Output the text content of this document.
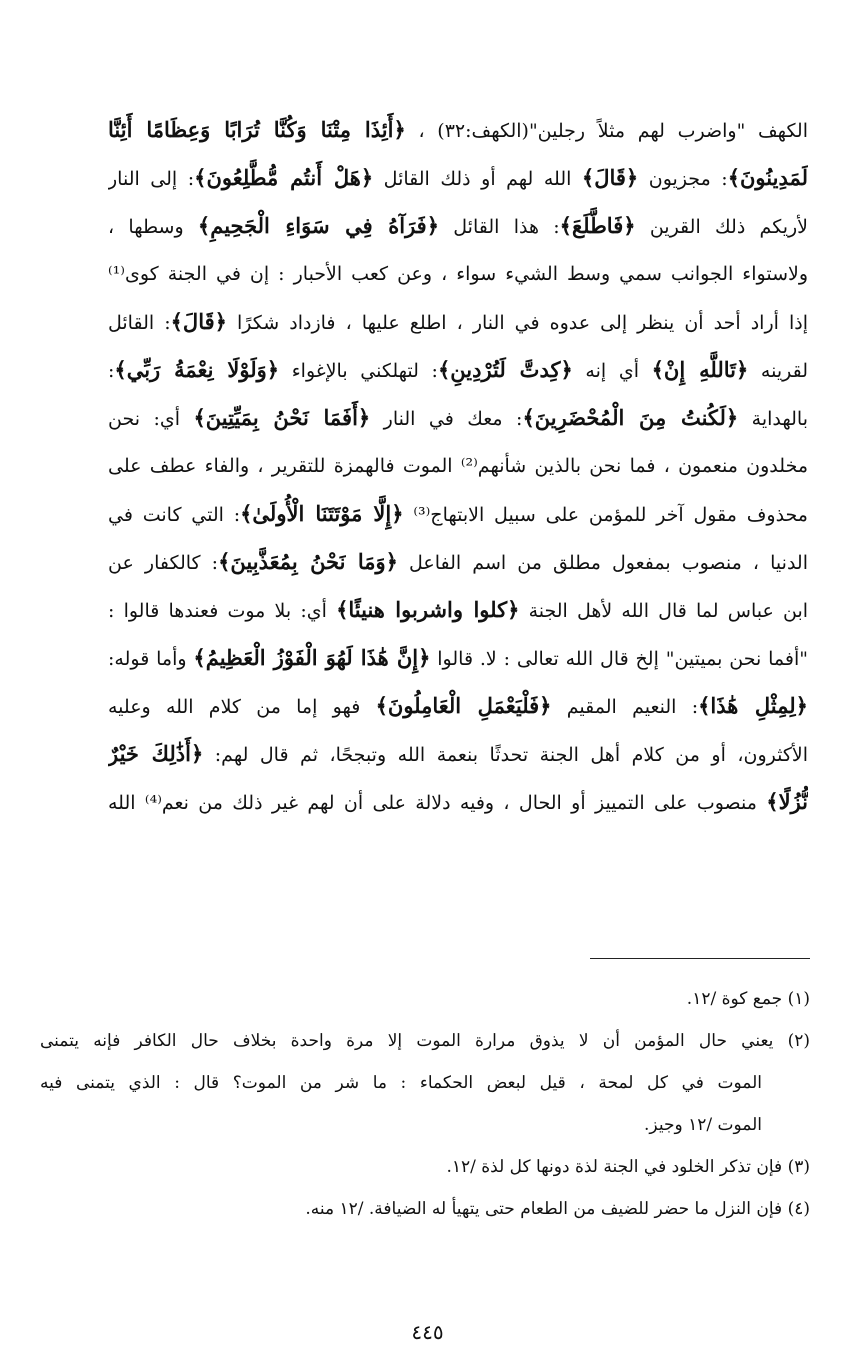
الكهف "واضرب لهم مثلاً رجلين"(الكهف:٣٢) ، ﴿أَئِذَا مِتْنَا وَكُنَّا تُرَابًا وَعِظَامًا أَئِنَّا
لَمَدِينُونَ﴾: مجزيون ﴿قَالَ﴾ الله لهم أو ذلك القائل ﴿هَلْ أَنتُم مُّطَّلِعُونَ﴾: إلى النار
لأريكم ذلك القرين ﴿فَاطَّلَعَ﴾: هذا القائل ﴿فَرَآهُ فِي سَوَاءِ الْجَحِيمِ﴾ وسطها ،
ولاستواء الجوانب سمي وسط الشيء سواء ، وعن كعب الأحبار : إن في الجنة كوى⁽¹⁾
إذا أراد أحد أن ينظر إلى عدوه في النار ، اطلع عليها ، فازداد شكرًا ﴿قَالَ﴾: القائل
لقرينه ﴿تَاللَّهِ إِنْ﴾ أي إنه ﴿كِدتَّ لَتُرْدِينِ﴾: لتهلكني بالإغواء ﴿وَلَوْلَا نِعْمَةُ رَبِّي﴾:
بالهداية ﴿لَكُنتُ مِنَ الْمُحْضَرِينَ﴾: معك في النار ﴿أَفَمَا نَحْنُ بِمَيِّتِينَ﴾ أي: نحن
مخلدون منعمون ، فما نحن بالذين شأنهم⁽²⁾ الموت فالهمزة للتقرير ، والفاء عطف على
محذوف مقول آخر للمؤمن على سبيل الابتهاج⁽³⁾ ﴿إِلَّا مَوْتَتَنَا الْأُولَىٰ﴾: التي كانت في
الدنيا ، منصوب بمفعول مطلق من اسم الفاعل ﴿وَمَا نَحْنُ بِمُعَذَّبِينَ﴾: كالكفار عن
ابن عباس لما قال الله لأهل الجنة ﴿كلوا واشربوا هنيئًا﴾ أي: بلا موت فعندها قالوا :
"أفما نحن بميتين" إلخ قال الله تعالى : لا. قالوا ﴿إِنَّ هَٰذَا لَهُوَ الْفَوْزُ الْعَظِيمُ﴾ وأما قوله:
﴿لِمِثْلِ هَٰذَا﴾: النعيم المقيم ﴿فَلْيَعْمَلِ الْعَامِلُونَ﴾ فهو إما من كلام الله وعليه
الأكثرون، أو من كلام أهل الجنة تحدثًا بنعمة الله وتبجحًا، ثم قال لهم: ﴿أَذَٰلِكَ خَيْرٌ
نُّزُلًا﴾ منصوب على التمييز أو الحال ، وفيه دلالة على أن لهم غير ذلك من نعم⁽⁴⁾ الله
(١) جمع كوة /١٢.
(٢) يعني حال المؤمن أن لا يذوق مرارة الموت إلا مرة واحدة بخلاف حال الكافر فإنه يتمنى
الموت في كل لمحة ، قيل لبعض الحكماء : ما شر من الموت؟ قال : الذي يتمنى فيه
الموت /١٢ وجيز.
(٣) فإن تذكر الخلود في الجنة لذة دونها كل لذة /١٢.
(٤) فإن النزل ما حضر للضيف من الطعام حتى يتهيأ له الضيافة. /١٢ منه.
٤٤٥
